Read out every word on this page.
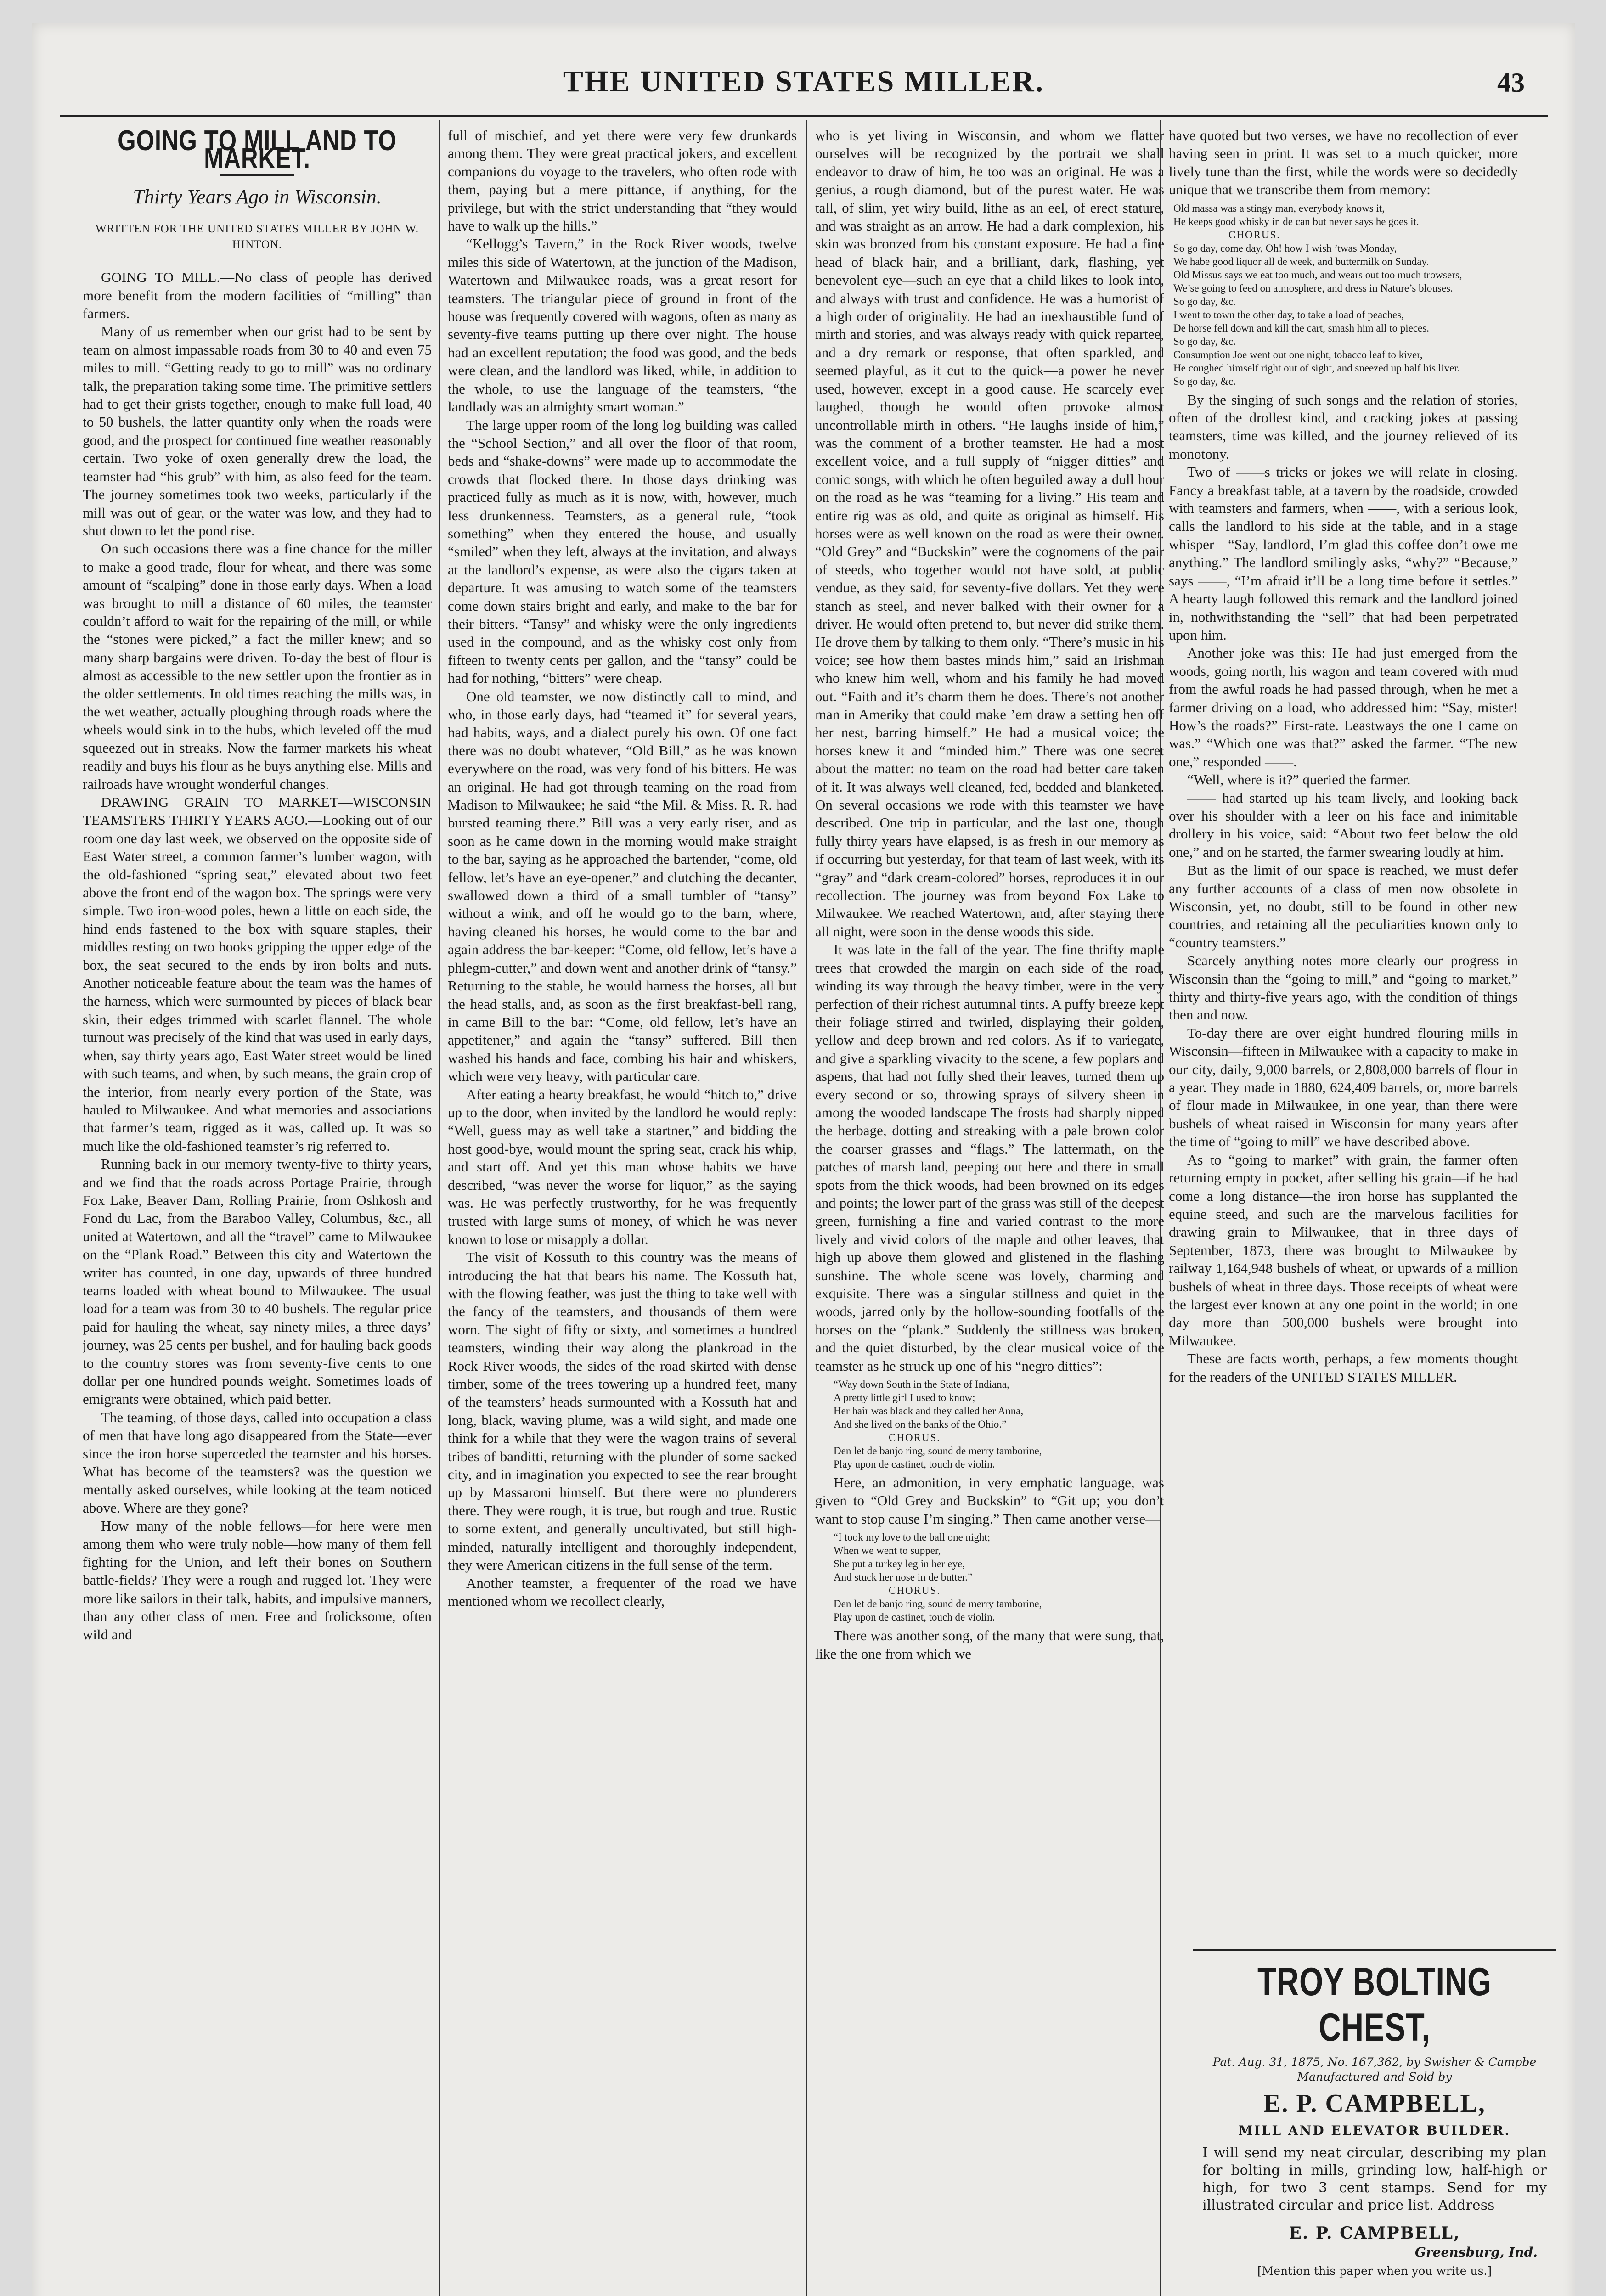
THE UNITED STATES MILLER.	43
GOING TO MILL AND TO MARKET.
Thirty Years Ago in Wisconsin.
WRITTEN FOR THE UNITED STATES MILLER BY JOHN W. HINTON.

GOING TO MILL.—No class of people has derived more benefit from the modern facilities of “milling” than farmers.

Many of us remember when our grist had to be sent by team on almost impassable roads from 30 to 40 and even 75 miles to mill. “Getting ready to go to mill” was no ordinary talk, the preparation taking some time. The primitive settlers had to get their grists together, enough to make full load, 40 to 50 bushels, the latter quantity only when the roads were good, and the prospect for continued fine weather reasonably certain. Two yoke of oxen generally drew the load, the teamster had “his grub” with him, as also feed for the team. The journey sometimes took two weeks, particularly if the mill was out of gear, or the water was low, and they had to shut down to let the pond rise.

On such occasions there was a fine chance for the miller to make a good trade, flour for wheat, and there was some amount of “scalping” done in those early days. When a load was brought to mill a distance of 60 miles, the teamster couldn’t afford to wait for the repairing of the mill, or while the “stones were picked,” a fact the miller knew; and so many sharp bargains were driven. To-day the best of flour is almost as accessible to the new settler upon the frontier as in the older settlements. In old times reaching the mills was, in the wet weather, actually ploughing through roads where the wheels would sink in to the hubs, which leveled off the mud squeezed out in streaks. Now the farmer markets his wheat readily and buys his flour as he buys anything else. Mills and railroads have wrought wonderful changes.

DRAWING GRAIN TO MARKET—WISCONSIN TEAMSTERS THIRTY YEARS AGO.—Looking out of our room one day last week, we observed on the opposite side of East Water street, a common farmer’s lumber wagon, with the old-fashioned “spring seat,” elevated about two feet above the front end of the wagon box. The springs were very simple. Two iron-wood poles, hewn a little on each side, the hind ends fastened to the box with square staples, their middles resting on two hooks gripping the upper edge of the box, the seat secured to the ends by iron bolts and nuts. Another noticeable feature about the team was the hames of the harness, which were surmounted by pieces of black bear skin, their edges trimmed with scarlet flannel. The whole turnout was precisely of the kind that was used in early days, when, say thirty years ago, East Water street would be lined with such teams, and when, by such means, the grain crop of the interior, from nearly every portion of the State, was hauled to Milwaukee. And what memories and associations that farmer’s team, rigged as it was, called up. It was so much like the old-fashioned teamster’s rig referred to.

Running back in our memory twenty-five to thirty years, and we find that the roads across Portage Prairie, through Fox Lake, Beaver Dam, Rolling Prairie, from Oshkosh and Fond du Lac, from the Baraboo Valley, Columbus, &c., all united at Watertown, and all the “travel” came to Milwaukee on the “Plank Road.” Between this city and Watertown the writer has counted, in one day, upwards of three hundred teams loaded with wheat bound to Milwaukee. The usual load for a team was from 30 to 40 bushels. The regular price paid for hauling the wheat, say ninety miles, a three days’ journey, was 25 cents per bushel, and for hauling back goods to the country stores was from seventy-five cents to one dollar per one hundred pounds weight. Sometimes loads of emigrants were obtained, which paid better.

The teaming, of those days, called into occupation a class of men that have long ago disappeared from the State—ever since the iron horse superceded the teamster and his horses. What has become of the teamsters? was the question we mentally asked ourselves, while looking at the team noticed above. Where are they gone?

How many of the noble fellows—for here were men among them who were truly noble—how many of them fell fighting for the Union, and left their bones on Southern battle-fields? They were a rough and rugged lot. They were more like sailors in their talk, habits, and impulsive manners, than any other class of men. Free and frolicksome, often wild and

full of mischief, and yet there were very few drunkards among them. They were great practical jokers, and excellent companions du voyage to the travelers, who often rode with them, paying but a mere pittance, if anything, for the privilege, but with the strict understanding that “they would have to walk up the hills.”

“Kellogg’s Tavern,” in the Rock River woods, twelve miles this side of Watertown, at the junction of the Madison, Watertown and Milwaukee roads, was a great resort for teamsters. The triangular piece of ground in front of the house was frequently covered with wagons, often as many as seventy-five teams putting up there over night. The house had an excellent reputation; the food was good, and the beds were clean, and the landlord was liked, while, in addition to the whole, to use the language of the teamsters, “the landlady was an almighty smart woman.”

The large upper room of the long log building was called the “School Section,” and all over the floor of that room, beds and “shake-downs” were made up to accommodate the crowds that flocked there. In those days drinking was practiced fully as much as it is now, with, however, much less drunkenness. Teamsters, as a general rule, “took something” when they entered the house, and usually “smiled” when they left, always at the invitation, and always at the landlord’s expense, as were also the cigars taken at departure. It was amusing to watch some of the teamsters come down stairs bright and early, and make to the bar for their bitters. “Tansy” and whisky were the only ingredients used in the compound, and as the whisky cost only from fifteen to twenty cents per gallon, and the “tansy” could be had for nothing, “bitters” were cheap.

One old teamster, we now distinctly call to mind, and who, in those early days, had “teamed it” for several years, had habits, ways, and a dialect purely his own. Of one fact there was no doubt whatever, “Old Bill,” as he was known everywhere on the road, was very fond of his bitters. He was an original. He had got through teaming on the road from Madison to Milwaukee; he said “the Mil. & Miss. R. R. had bursted teaming there.” Bill was a very early riser, and as soon as he came down in the morning would make straight to the bar, saying as he approached the bartender, “come, old fellow, let’s have an eye-opener,” and clutching the decanter, swallowed down a third of a small tumbler of “tansy” without a wink, and off he would go to the barn, where, having cleaned his horses, he would come to the bar and again address the bar-keeper: “Come, old fellow, let’s have a phlegm-cutter,” and down went and another drink of “tansy.” Returning to the stable, he would harness the horses, all but the head stalls, and, as soon as the first breakfast-bell rang, in came Bill to the bar: “Come, old fellow, let’s have an appetitener,” and again the “tansy” suffered. Bill then washed his hands and face, combing his hair and whiskers, which were very heavy, with particular care.

After eating a hearty breakfast, he would “hitch to,” drive up to the door, when invited by the landlord he would reply: “Well, guess may as well take a startner,” and bidding the host good-bye, would mount the spring seat, crack his whip, and start off. And yet this man whose habits we have described, “was never the worse for liquor,” as the saying was. He was perfectly trustworthy, for he was frequently trusted with large sums of money, of which he was never known to lose or misapply a dollar.

The visit of Kossuth to this country was the means of introducing the hat that bears his name. The Kossuth hat, with the flowing feather, was just the thing to take well with the fancy of the teamsters, and thousands of them were worn. The sight of fifty or sixty, and sometimes a hundred teamsters, winding their way along the plankroad in the Rock River woods, the sides of the road skirted with dense timber, some of the trees towering up a hundred feet, many of the teamsters’ heads surmounted with a Kossuth hat and long, black, waving plume, was a wild sight, and made one think for a while that they were the wagon trains of several tribes of banditti, returning with the plunder of some sacked city, and in imagination you expected to see the rear brought up by Massaroni himself. But there were no plunderers there. They were rough, it is true, but rough and true. Rustic to some extent, and generally uncultivated, but still high-minded, naturally intelligent and thoroughly independent, they were American citizens in the full sense of the term.

Another teamster, a frequenter of the road we have mentioned whom we recollect clearly,

who is yet living in Wisconsin, and whom we flatter ourselves will be recognized by the portrait we shall endeavor to draw of him, he too was an original. He was a genius, a rough diamond, but of the purest water. He was tall, of slim, yet wiry build, lithe as an eel, of erect stature, and was straight as an arrow. He had a dark complexion, his skin was bronzed from his constant exposure. He had a fine head of black hair, and a brilliant, dark, flashing, yet benevolent eye—such an eye that a child likes to look into, and always with trust and confidence. He was a humorist of a high order of originality. He had an inexhaustible fund of mirth and stories, and was always ready with quick repartee, and a dry remark or response, that often sparkled, and seemed playful, as it cut to the quick—a power he never used, however, except in a good cause. He scarcely ever laughed, though he would often provoke almost uncontrollable mirth in others. “He laughs inside of him,” was the comment of a brother teamster. He had a most excellent voice, and a full supply of “nigger ditties” and comic songs, with which he often beguiled away a dull hour on the road as he was “teaming for a living.” His team and entire rig was as old, and quite as original as himself. His horses were as well known on the road as were their owner. “Old Grey” and “Buckskin” were the cognomens of the pair of steeds, who together would not have sold, at public vendue, as they said, for seventy-five dollars. Yet they were stanch as steel, and never balked with their owner for a driver. He would often pretend to, but never did strike them. He drove them by talking to them only. “There’s music in his voice; see how them bastes minds him,” said an Irishman who knew him well, whom and his family he had moved out. “Faith and it’s charm them he does. There’s not another man in Ameriky that could make ’em draw a setting hen off her nest, barring himself.” He had a musical voice; the horses knew it and “minded him.” There was one secret about the matter: no team on the road had better care taken of it. It was always well cleaned, fed, bedded and blanketed. On several occasions we rode with this teamster we have described. One trip in particular, and the last one, though fully thirty years have elapsed, is as fresh in our memory as if occurring but yesterday, for that team of last week, with its “gray” and “dark cream-colored” horses, reproduces it in our recollection. The journey was from beyond Fox Lake to Milwaukee. We reached Watertown, and, after staying there all night, were soon in the dense woods this side.

It was late in the fall of the year. The fine thrifty maple trees that crowded the margin on each side of the road, winding its way through the heavy timber, were in the very perfection of their richest autumnal tints. A puffy breeze kept their foliage stirred and twirled, displaying their golden, yellow and deep brown and red colors. As if to variegate, and give a sparkling vivacity to the scene, a few poplars and aspens, that had not fully shed their leaves, turned them up every second or so, throwing sprays of silvery sheen in among the wooded landscape The frosts had sharply nipped the herbage, dotting and streaking with a pale brown color the coarser grasses and “flags.” The lattermath, on the patches of marsh land, peeping out here and there in small spots from the thick woods, had been browned on its edges and points; the lower part of the grass was still of the deepest green, furnishing a fine and varied contrast to the more lively and vivid colors of the maple and other leaves, that high up above them glowed and glistened in the flashing sunshine. The whole scene was lovely, charming and exquisite. There was a singular stillness and quiet in the woods, jarred only by the hollow-sounding footfalls of the horses on the “plank.” Suddenly the stillness was broken, and the quiet disturbed, by the clear musical voice of the teamster as he struck up one of his “negro ditties”:

“Way down South in the State of Indiana,
A pretty little girl I used to know;
Her hair was black and they called her Anna,
And she lived on the banks of the Ohio.”
CHORUS.
Den let de banjo ring, sound de merry tamborine,
Play upon de castinet, touch de violin.

Here, an admonition, in very emphatic language, was given to “Old Grey and Buckskin” to “Git up; you don’t want to stop cause I’m singing.” Then came another verse—

“I took my love to the ball one night;
When we went to supper,
She put a turkey leg in her eye,
And stuck her nose in de butter.”
CHORUS.
Den let de banjo ring, sound de merry tamborine,
Play upon de castinet, touch de violin.

There was another song, of the many that were sung, that, like the one from which we

have quoted but two verses, we have no recollection of ever having seen in print. It was set to a much quicker, more lively tune than the first, while the words were so decidedly unique that we transcribe them from memory:

Old massa was a stingy man, everybody knows it,
He keeps good whisky in de can but never says he goes it.
CHORUS.
So go day, come day, Oh! how I wish ’twas Monday,
We habe good liquor all de week, and buttermilk on Sunday.
Old Missus says we eat too much, and wears out too much trowsers,
We’se going to feed on atmosphere, and dress in Nature’s blouses.
So go day, &c.
I went to town the other day, to take a load of peaches,
De horse fell down and kill the cart, smash him all to pieces.
So go day, &c.
Consumption Joe went out one night, tobacco leaf to kiver,
He coughed himself right out of sight, and sneezed up half his liver.
So go day, &c.

By the singing of such songs and the relation of stories, often of the drollest kind, and cracking jokes at passing teamsters, time was killed, and the journey relieved of its monotony.

Two of ——s tricks or jokes we will relate in closing. Fancy a breakfast table, at a tavern by the roadside, crowded with teamsters and farmers, when ——, with a serious look, calls the landlord to his side at the table, and in a stage whisper—“Say, landlord, I’m glad this coffee don’t owe me anything.” The landlord smilingly asks, “why?” “Because,” says ——, “I’m afraid it’ll be a long time before it settles.” A hearty laugh followed this remark and the landlord joined in, nothwithstanding the “sell” that had been perpetrated upon him.

Another joke was this: He had just emerged from the woods, going north, his wagon and team covered with mud from the awful roads he had passed through, when he met a farmer driving on a load, who addressed him: “Say, mister! How’s the roads?” First-rate. Leastways the one I came on was.” “Which one was that?” asked the farmer. “The new one,” responded ——.

“Well, where is it?” queried the farmer.

—— had started up his team lively, and looking back over his shoulder with a leer on his face and inimitable drollery in his voice, said: “About two feet below the old one,” and on he started, the farmer swearing loudly at him.

But as the limit of our space is reached, we must defer any further accounts of a class of men now obsolete in Wisconsin, yet, no doubt, still to be found in other new countries, and retaining all the peculiarities known only to “country teamsters.”

Scarcely anything notes more clearly our progress in Wisconsin than the “going to mill,” and “going to market,” thirty and thirty-five years ago, with the condition of things then and now.

To-day there are over eight hundred flouring mills in Wisconsin—fifteen in Milwaukee with a capacity to make in our city, daily, 9,000 barrels, or 2,808,000 barrels of flour in a year. They made in 1880, 624,409 barrels, or, more barrels of flour made in Milwaukee, in one year, than there were bushels of wheat raised in Wisconsin for many years after the time of “going to mill” we have described above.

As to “going to market” with grain, the farmer often returning empty in pocket, after selling his grain—if he had come a long distance—the iron horse has supplanted the equine steed, and such are the marvelous facilities for drawing grain to Milwaukee, that in three days of September, 1873, there was brought to Milwaukee by railway 1,164,948 bushels of wheat, or upwards of a million bushels of wheat in three days. Those receipts of wheat were the largest ever known at any one point in the world; in one day more than 500,000 bushels were brought into Milwaukee.

These are facts worth, perhaps, a few moments thought for the readers of the UNITED STATES MILLER.

TROY BOLTING CHEST,
Pat. Aug. 31, 1875, No. 167,362, by Swisher & Campbe
Manufactured and Sold by
E. P. CAMPBELL,
MILL AND ELEVATOR BUILDER.
I will send my neat circular, describing my plan for bolting in mills, grinding low, half-high or high, for two 3 cent stamps. Send for my illustrated circular and price list. Address
E. P. CAMPBELL,
Greensburg, Ind.
[Mention this paper when you write us.]
